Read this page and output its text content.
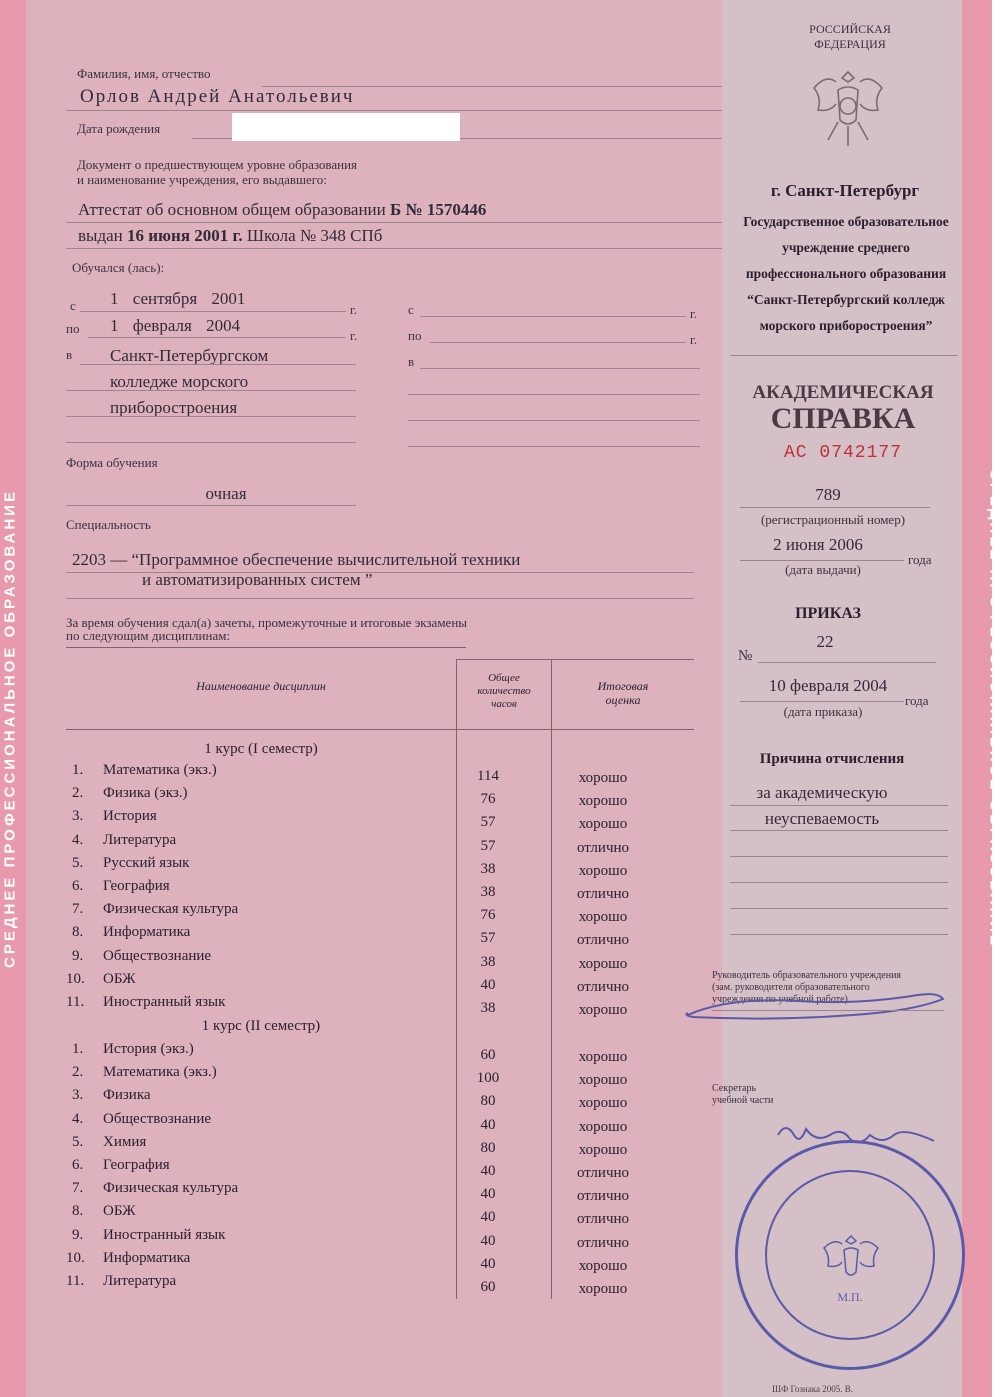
СРЕДНЕЕ ПРОФЕССИОНАЛЬНОЕ ОБРАЗОВАНИЕ	СРЕДНЕЕ ПРОФЕССИОНАЛЬНОЕ ОБРАЗОВАНИЕ
РОССИЙСКАЯ
ФЕДЕРАЦИЯ
Фамилия, имя, отчество
Орлов Андрей Анатольевич
Дата рождения
Документ о предшествующем уровне образования
и наименование учреждения, его выдавшего:
Аттестат об основном общем образовании Б № 1570446
выдан 16 июня 2001 г. Школа № 348 СПб
Обучался (лась):
с 1 сентября 2001
г.
по 1 февраля 2004
г.
в Санкт-Петербургском
колледже морского
приборостроения
с	г.
по	г.
в
Форма обучения
очная
Специальность
2203 — “Программное обеспечение вычислительной техники
и автоматизированных систем ”
За время обучения сдал(а) зачеты, промежуточные и итоговые экзамены
по следующим дисциплинам:
Наименование дисциплин
Общее
количество
часов
Итоговая
оценка
1 курс (I семестр)
1. Математика (экз.)	114	хорошо
2. Физика (экз.)	76	хорошо
3. История	57	хорошо
4. Литература	57	отлично
5. Русский язык	38	хорошо
6. География	38	отлично
7. Физическая культура	76	хорошо
8. Информатика	57	отлично
9. Обществознание	38	хорошо
10. ОБЖ	40	отлично
11. Иностранный язык	38	хорошо
1 курс (II семестр)
1. История (экз.)	60	хорошо
2. Математика (экз.)	100	хорошо
3. Физика	80	хорошо
4. Обществознание	40	хорошо
5. Химия	80	хорошо
6. География	40	отлично
7. Физическая культура	40	отлично
8. ОБЖ	40	отлично
9. Иностранный язык	40	отлично
10. Информатика	40	хорошо
11. Литература	60	хорошо
г. Санкт-Петербург
Государственное образовательное
учреждение среднего
профессионального образования
“Санкт-Петербургский колледж
морского приборостроения”
АКАДЕМИЧЕСКАЯ
СПРАВКА
АС 0742177
789
(регистрационный номер)
2 июня 2006
года
(дата выдачи)
ПРИКАЗ
№
22
10 февраля 2004
года
(дата приказа)
Причина отчисления
за академическую
неуспеваемость
Руководитель образовательного учреждения
(зам. руководителя образовательного
учреждения по учебной работе)
Секретарь
учебной части
М.П.
ШФ Гознака 2005. В.
